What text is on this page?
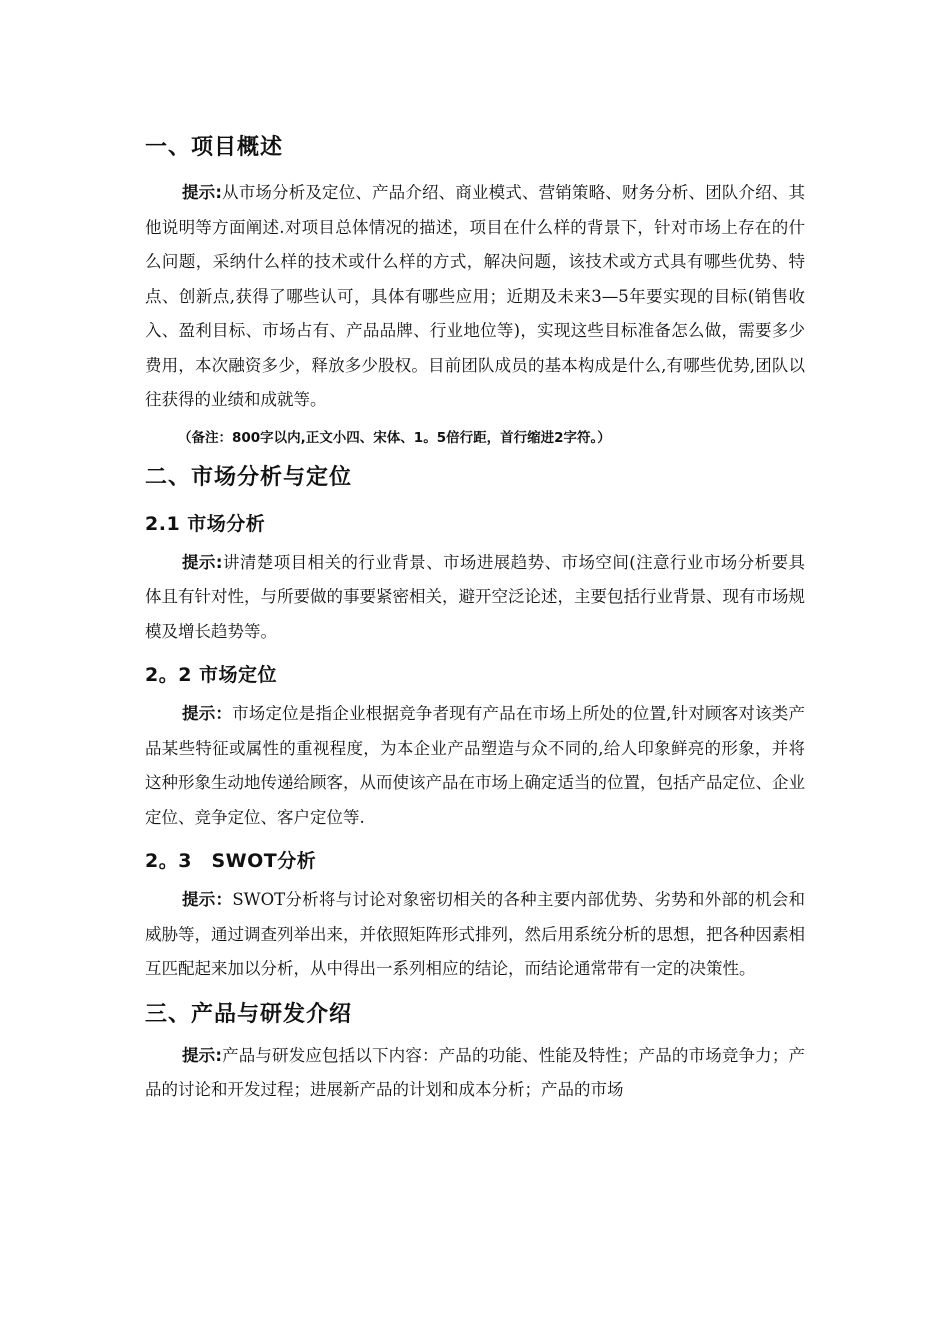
一、项目概述

提示:从市场分析及定位、产品介绍、商业模式、营销策略、财务分析、团队介绍、其他说明等方面阐述.对项目总体情况的描述，项目在什么样的背景下，针对市场上存在的什么问题，采纳什么样的技术或什么样的方式，解决问题，该技术或方式具有哪些优势、特点、创新点,获得了哪些认可，具体有哪些应用；近期及未来3—5年要实现的目标(销售收入、盈利目标、市场占有、产品品牌、行业地位等)，实现这些目标准备怎么做，需要多少费用，本次融资多少，释放多少股权。目前团队成员的基本构成是什么,有哪些优势,团队以往获得的业绩和成就等。

（备注：800字以内,正文小四、宋体、1。5倍行距，首行缩进2字符。）

二、市场分析与定位
2.1 市场分析

提示:讲清楚项目相关的行业背景、市场进展趋势、市场空间(注意行业市场分析要具体且有针对性，与所要做的事要紧密相关，避开空泛论述，主要包括行业背景、现有市场规模及增长趋势等。

2。2 市场定位

提示：市场定位是指企业根据竞争者现有产品在市场上所处的位置,针对顾客对该类产品某些特征或属性的重视程度，为本企业产品塑造与众不同的,给人印象鲜亮的形象，并将这种形象生动地传递给顾客，从而使该产品在市场上确定适当的位置，包括产品定位、企业定位、竞争定位、客户定位等.

2。3　SWOT分析

提示：SWOT分析将与讨论对象密切相关的各种主要内部优势、劣势和外部的机会和威胁等，通过调查列举出来，并依照矩阵形式排列，然后用系统分析的思想，把各种因素相互匹配起来加以分析，从中得出一系列相应的结论，而结论通常带有一定的决策性。

三、产品与研发介绍

提示:产品与研发应包括以下内容：产品的功能、性能及特性；产品的市场竞争力；产品的讨论和开发过程；进展新产品的计划和成本分析；产品的市场
